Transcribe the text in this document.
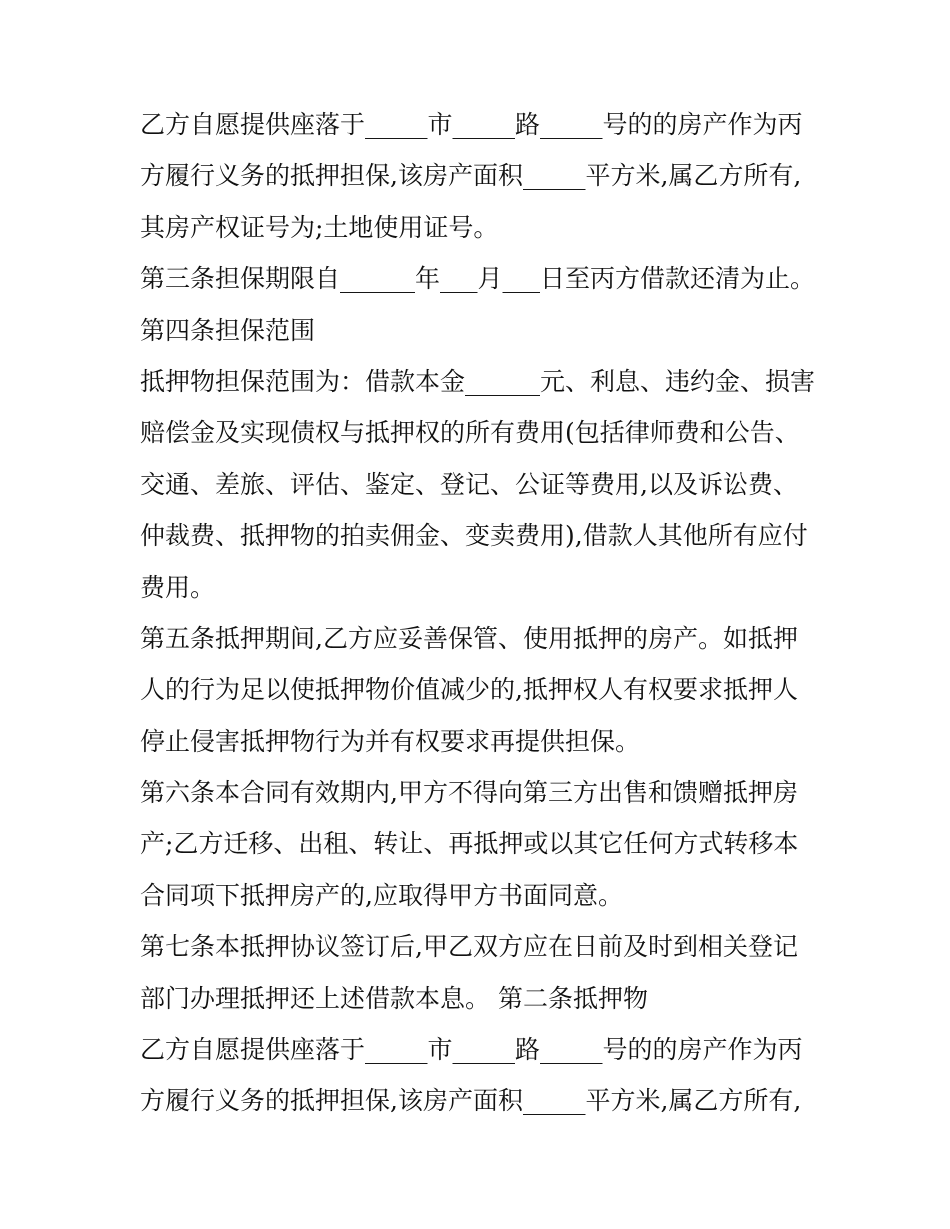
乙方自愿提供座落于_____市_____路_____号的的房产作为丙
方履行义务的抵押担保,该房产面积_____平方米,属乙方所有,
其房产权证号为;土地使用证号。
第三条担保期限自______年___月___日至丙方借款还清为止。
第四条担保范围
抵押物担保范围为：借款本金______元、利息、违约金、损害
赔偿金及实现债权与抵押权的所有费用(包括律师费和公告、
交通、差旅、评估、鉴定、登记、公证等费用,以及诉讼费、
仲裁费、抵押物的拍卖佣金、变卖费用),借款人其他所有应付
费用。
第五条抵押期间,乙方应妥善保管、使用抵押的房产。如抵押
人的行为足以使抵押物价值减少的,抵押权人有权要求抵押人
停止侵害抵押物行为并有权要求再提供担保。
第六条本合同有效期内,甲方不得向第三方出售和馈赠抵押房
产;乙方迁移、出租、转让、再抵押或以其它任何方式转移本
合同项下抵押房产的,应取得甲方书面同意。
第七条本抵押协议签订后,甲乙双方应在日前及时到相关登记
部门办理抵押还上述借款本息。 第二条抵押物
乙方自愿提供座落于_____市_____路_____号的的房产作为丙
方履行义务的抵押担保,该房产面积_____平方米,属乙方所有,
